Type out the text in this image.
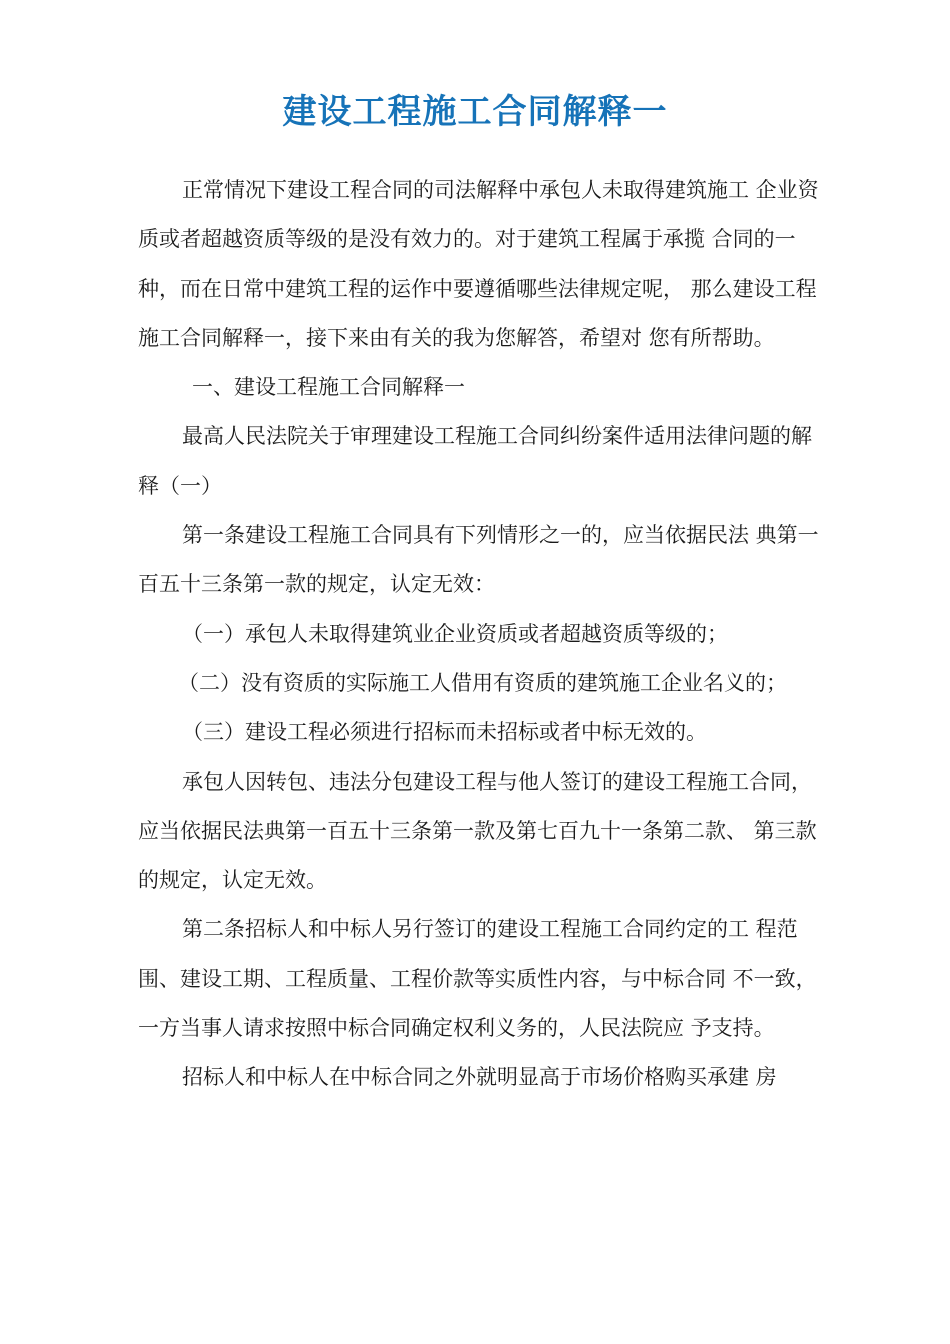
建设工程施工合同解释一

正常情况下建设工程合同的司法解释中承包人未取得建筑施工 企业资质或者超越资质等级的是没有效力的。对于建筑工程属于承揽 合同的一种，而在日常中建筑工程的运作中要遵循哪些法律规定呢， 那么建设工程施工合同解释一，接下来由有关的我为您解答，希望对 您有所帮助。

一、建设工程施工合同解释一

最高人民法院关于审理建设工程施工合同纠纷案件适用法律问题的解释（一）

第一条建设工程施工合同具有下列情形之一的，应当依据民法 典第一百五十三条第一款的规定，认定无效：

（一）承包人未取得建筑业企业资质或者超越资质等级的；

（二）没有资质的实际施工人借用有资质的建筑施工企业名义的；

（三）建设工程必须进行招标而未招标或者中标无效的。

承包人因转包、违法分包建设工程与他人签订的建设工程施工合同，应当依据民法典第一百五十三条第一款及第七百九十一条第二款、 第三款的规定，认定无效。

第二条招标人和中标人另行签订的建设工程施工合同约定的工 程范围、建设工期、工程质量、工程价款等实质性内容，与中标合同 不一致，一方当事人请求按照中标合同确定权利义务的，人民法院应 予支持。

招标人和中标人在中标合同之外就明显高于市场价格购买承建 房
